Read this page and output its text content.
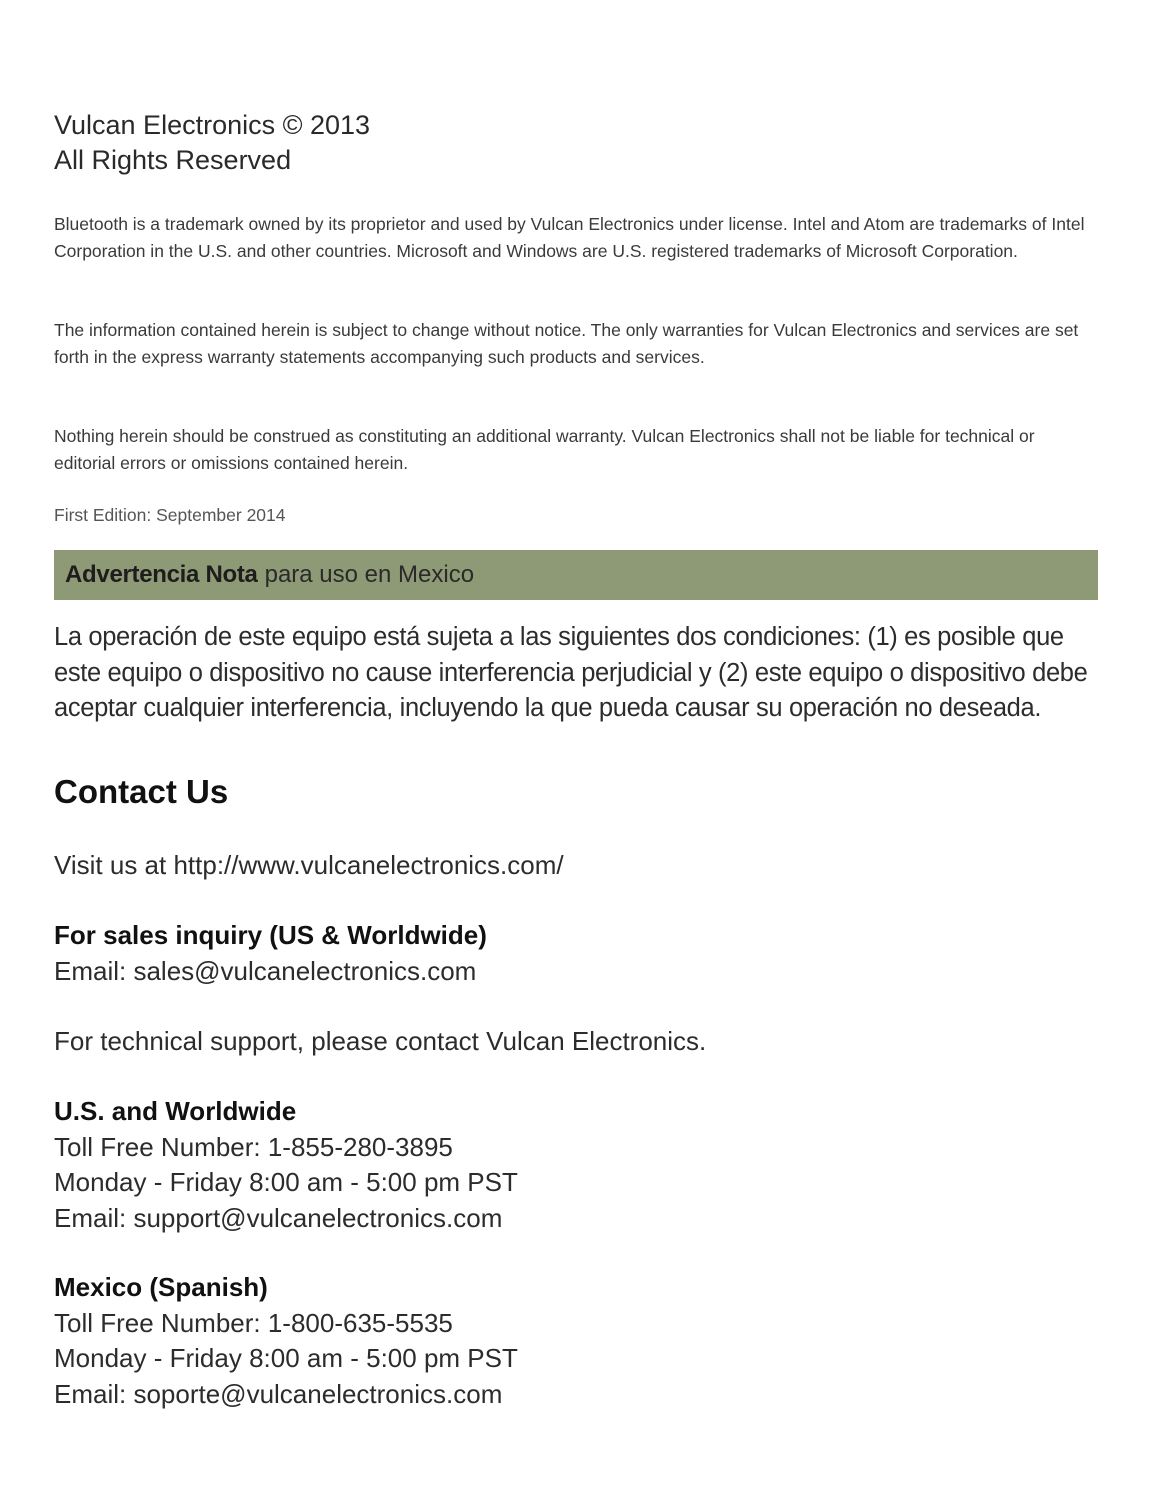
Vulcan Electronics © 2013
All Rights Reserved

Bluetooth is a trademark owned by its proprietor and used by Vulcan Electronics under license. Intel and Atom are trademarks of Intel Corporation in the U.S. and other countries. Microsoft and Windows are U.S. registered trademarks of Microsoft Corporation.

The information contained herein is subject to change without notice. The only warranties for Vulcan Electronics and services are set forth in the express warranty statements accompanying such products and services.

Nothing herein should be construed as constituting an additional warranty. Vulcan Electronics shall not be liable for technical or editorial errors or omissions contained herein.

First Edition: September 2014
Advertencia Nota para uso en Mexico

La operación de este equipo está sujeta a las siguientes dos condiciones: (1) es posible que este equipo o dispositivo no cause interferencia perjudicial y (2) este equipo o dispositivo debe aceptar cualquier interferencia, incluyendo la que pueda causar su operación no deseada.

Contact Us
Visit us at http://www.vulcanelectronics.com/
For sales inquiry (US & Worldwide)
Email: sales@vulcanelectronics.com
For technical support, please contact Vulcan Electronics.
U.S. and Worldwide
Toll Free Number: 1-855-280-3895
Monday - Friday 8:00 am - 5:00 pm PST
Email: support@vulcanelectronics.com
Mexico (Spanish)
Toll Free Number: 1-800-635-5535
Monday - Friday 8:00 am - 5:00 pm PST
Email: soporte@vulcanelectronics.com
